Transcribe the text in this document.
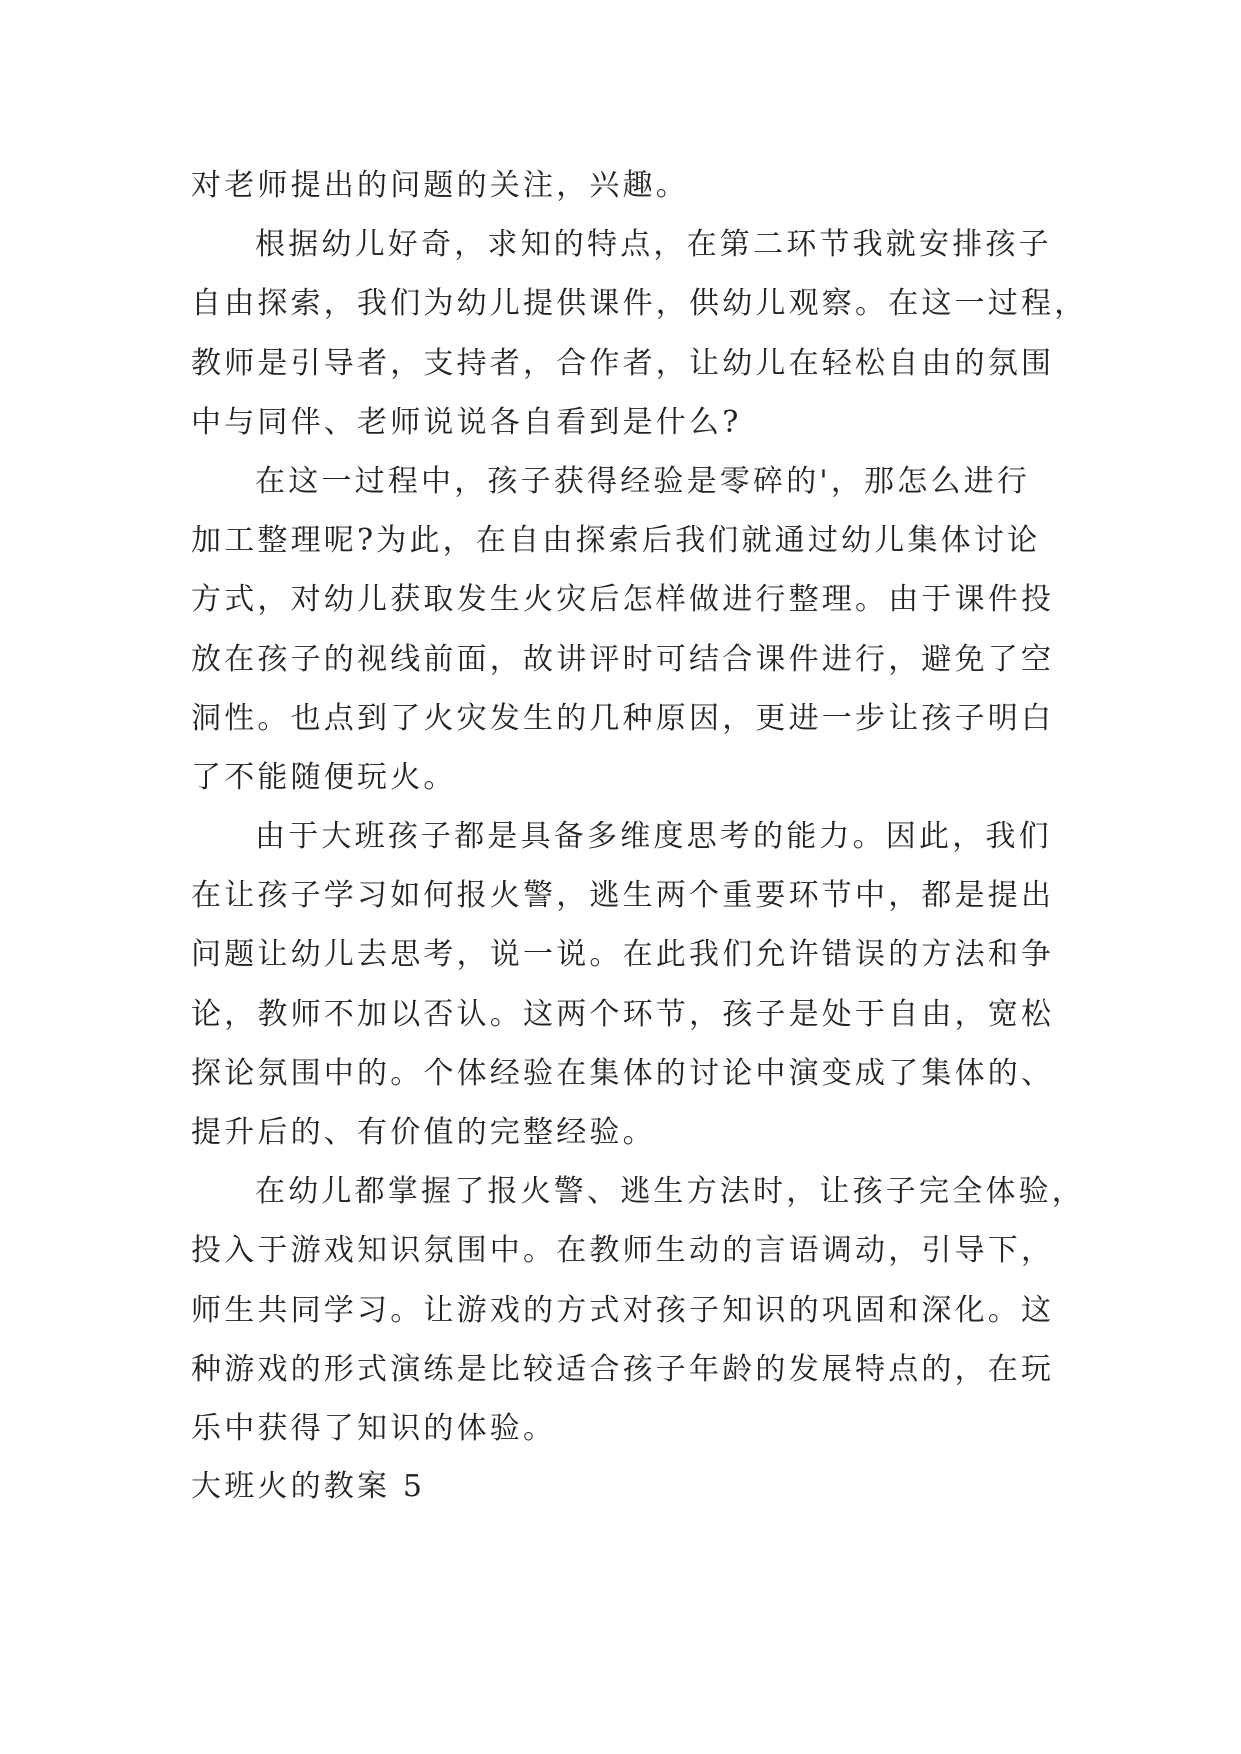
对老师提出的问题的关注，兴趣。
根据幼儿好奇，求知的特点，在第二环节我就安排孩子
自由探索，我们为幼儿提供课件，供幼儿观察。在这一过程，
教师是引导者，支持者，合作者，让幼儿在轻松自由的氛围
中与同伴、老师说说各自看到是什么?
在这一过程中，孩子获得经验是零碎的'，那怎么进行
加工整理呢?为此，在自由探索后我们就通过幼儿集体讨论
方式，对幼儿获取发生火灾后怎样做进行整理。由于课件投
放在孩子的视线前面，故讲评时可结合课件进行，避免了空
洞性。也点到了火灾发生的几种原因，更进一步让孩子明白
了不能随便玩火。
由于大班孩子都是具备多维度思考的能力。因此，我们
在让孩子学习如何报火警，逃生两个重要环节中，都是提出
问题让幼儿去思考，说一说。在此我们允许错误的方法和争
论，教师不加以否认。这两个环节，孩子是处于自由，宽松
探论氛围中的。个体经验在集体的讨论中演变成了集体的、
提升后的、有价值的完整经验。
在幼儿都掌握了报火警、逃生方法时，让孩子完全体验，
投入于游戏知识氛围中。在教师生动的言语调动，引导下，
师生共同学习。让游戏的方式对孩子知识的巩固和深化。这
种游戏的形式演练是比较适合孩子年龄的发展特点的，在玩
乐中获得了知识的体验。
大班火的教案 5
